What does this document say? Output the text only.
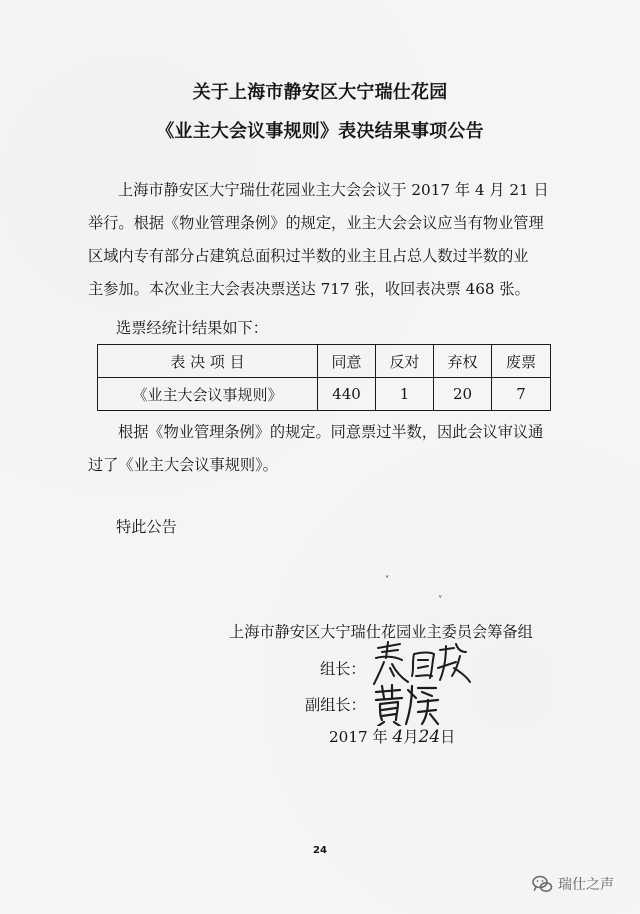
关于上海市静安区大宁瑞仕花园
《业主大会议事规则》表决结果事项公告

上海市静安区大宁瑞仕花园业主大会会议于 2017 年 4 月 21 日

举行。根据《物业管理条例》的规定，业主大会会议应当有物业管理

区域内专有部分占建筑总面积过半数的业主且占总人数过半数的业

主参加。本次业主大会表决票送达 717 张，收回表决票 468 张。

选票经统计结果如下：
表 决 项 目	同意	反对	弃权	废票
《业主大会议事规则》	440	1	20	7

根据《物业管理条例》的规定。同意票过半数，因此会议审议通

过了《业主大会议事规则》。

特此公告
˅
˅
上海市静安区大宁瑞仕花园业主委员会筹备组
组长：
副组长：
2017 年 4月24日
24
瑞仕之声
